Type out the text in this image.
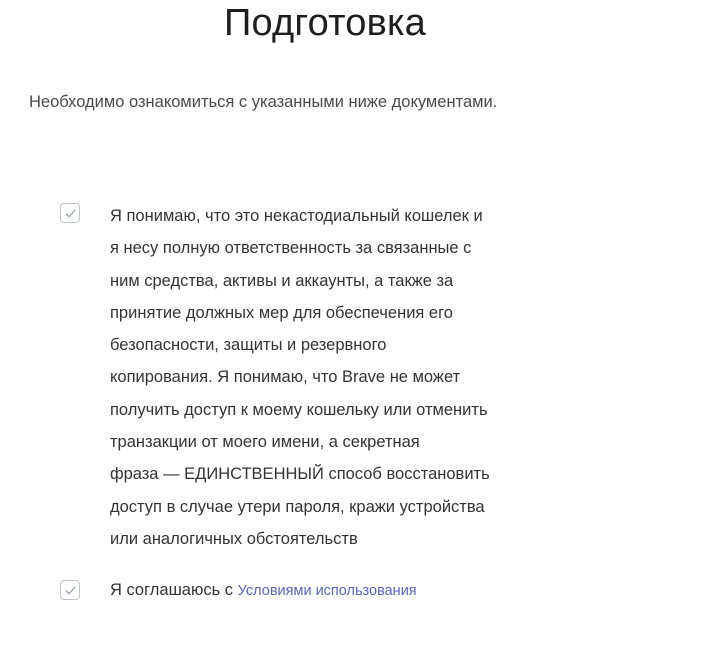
Подготовка

Необходимо ознакомиться с указанными ниже документами.

Я понимаю, что это некастодиальный кошелек и
я несу полную ответственность за связанные с
ним средства, активы и аккаунты, а также за
принятие должных мер для обеспечения его
безопасности, защиты и резервного
копирования. Я понимаю, что Brave не может
получить доступ к моему кошельку или отменить
транзакции от моего имени, а секретная
фраза — ЕДИНСТВЕННЫЙ способ восстановить
доступ в случае утери пароля, кражи устройства
или аналогичных обстоятельств
Я соглашаюсь с Условиями использования
